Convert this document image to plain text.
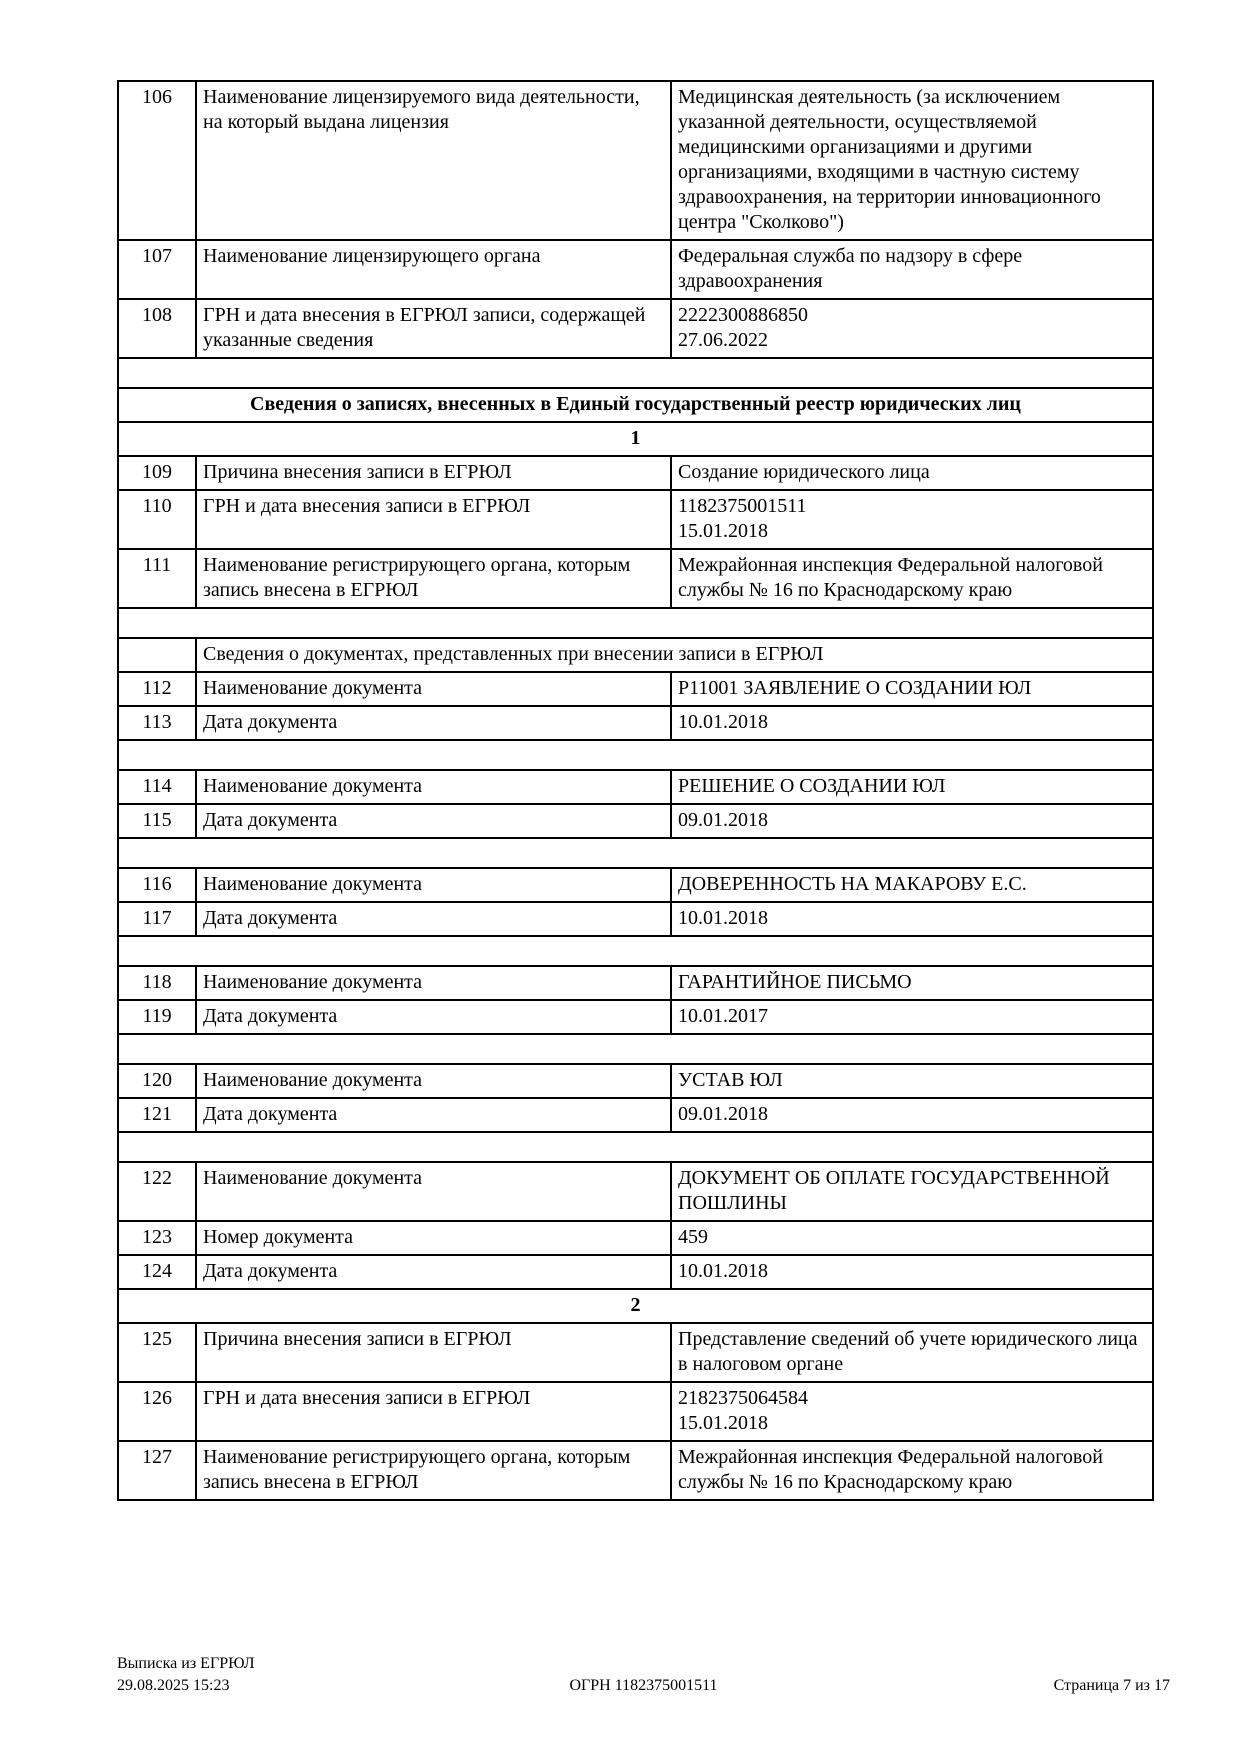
106	Наименование лицензируемого вида деятельности, на который выдана лицензия	Медицинская деятельность (за исключением указанной деятельности, осуществляемой медицинскими организациями и другими организациями, входящими в частную систему здравоохранения, на территории инновационного центра "Сколково")

107	Наименование лицензирующего органа	Федеральная служба по надзору в сфере здравоохранения

108	ГРН и дата внесения в ЕГРЮЛ записи, содержащей указанные сведения	2222300886850
27.06.2022

Сведения о записях, внесенных в Единый государственный реестр юридических лиц		
1		
109	Причина внесения записи в ЕГРЮЛ	Создание юридического лица

110	ГРН и дата внесения записи в ЕГРЮЛ	1182375001511
15.01.2018

111	Наименование регистрирующего органа, которым запись внесена в ЕГРЮЛ	Межрайонная инспекция Федеральной налоговой службы № 16 по Краснодарскому краю

	Сведения о документах, представленных при внесении записи в ЕГРЮЛ	
112	Наименование документа	Р11001 ЗАЯВЛЕНИЕ О СОЗДАНИИ ЮЛ

113	Дата документа	10.01.2018

114	Наименование документа	РЕШЕНИЕ О СОЗДАНИИ ЮЛ

115	Дата документа	09.01.2018

116	Наименование документа	ДОВЕРЕННОСТЬ НА МАКАРОВУ Е.С.

117	Дата документа	10.01.2018

118	Наименование документа	ГАРАНТИЙНОЕ ПИСЬМО

119	Дата документа	10.01.2017

120	Наименование документа	УСТАВ ЮЛ

121	Дата документа	09.01.2018

122	Наименование документа	ДОКУМЕНТ ОБ ОПЛАТЕ ГОСУДАРСТВЕННОЙ ПОШЛИНЫ

123	Номер документа	459

124	Дата документа	10.01.2018

2		
125	Причина внесения записи в ЕГРЮЛ	Представление сведений об учете юридического лица в налоговом органе

126	ГРН и дата внесения записи в ЕГРЮЛ	2182375064584
15.01.2018

127	Наименование регистрирующего органа, которым запись внесена в ЕГРЮЛ	Межрайонная инспекция Федеральной налоговой службы № 16 по Краснодарскому краю
Выписка из ЕГРЮЛ
29.08.2025 15:23	ОГРН 1182375001511	Страница 7 из 17
